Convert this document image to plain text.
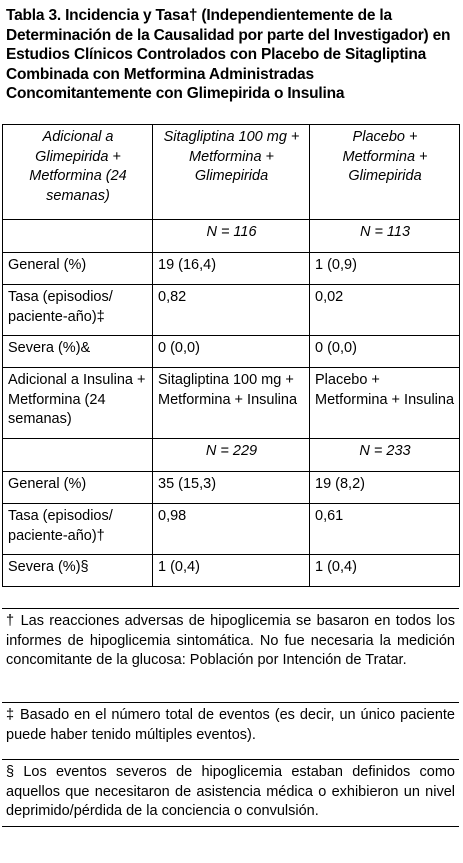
Tabla 3. Incidencia y Tasa† (Independientemente de la Determinación de la Causalidad por parte del Investigador) en Estudios Clínicos Controlados con Placebo de Sitagliptina Combinada con Metformina Administradas Concomitantemente con Glimepirida o Insulina
Adicional a Glimepirida + Metformina (24 semanas)	Sitagliptina 100 mg + Metformina + Glimepirida	Placebo + Metformina + Glimepirida
	N = 116	N = 113
General (%)	19 (16,4)	1 (0,9)
Tasa (episodios/ paciente-año)‡	0,82	0,02
Severa (%)&	0 (0,0)	0 (0,0)
Adicional a Insulina + Metformina (24 semanas)	Sitagliptina 100 mg + Metformina + Insulina	Placebo + Metformina + Insulina
	N = 229	N = 233
General (%)	35 (15,3)	19 (8,2)
Tasa (episodios/ paciente-año)†	0,98	0,61
Severa (%)§	1 (0,4)	1 (0,4)
† Las reacciones adversas de hipoglicemia se basaron en todos los informes de hipoglicemia sintomática. No fue necesaria la medición concomitante de la glucosa: Población por Intención de Tratar.
‡ Basado en el número total de eventos (es decir, un único paciente puede haber tenido múltiples eventos).
§ Los eventos severos de hipoglicemia estaban definidos como aquellos que necesitaron de asistencia médica o exhibieron un nivel deprimido/pérdida de la conciencia o convulsión.
